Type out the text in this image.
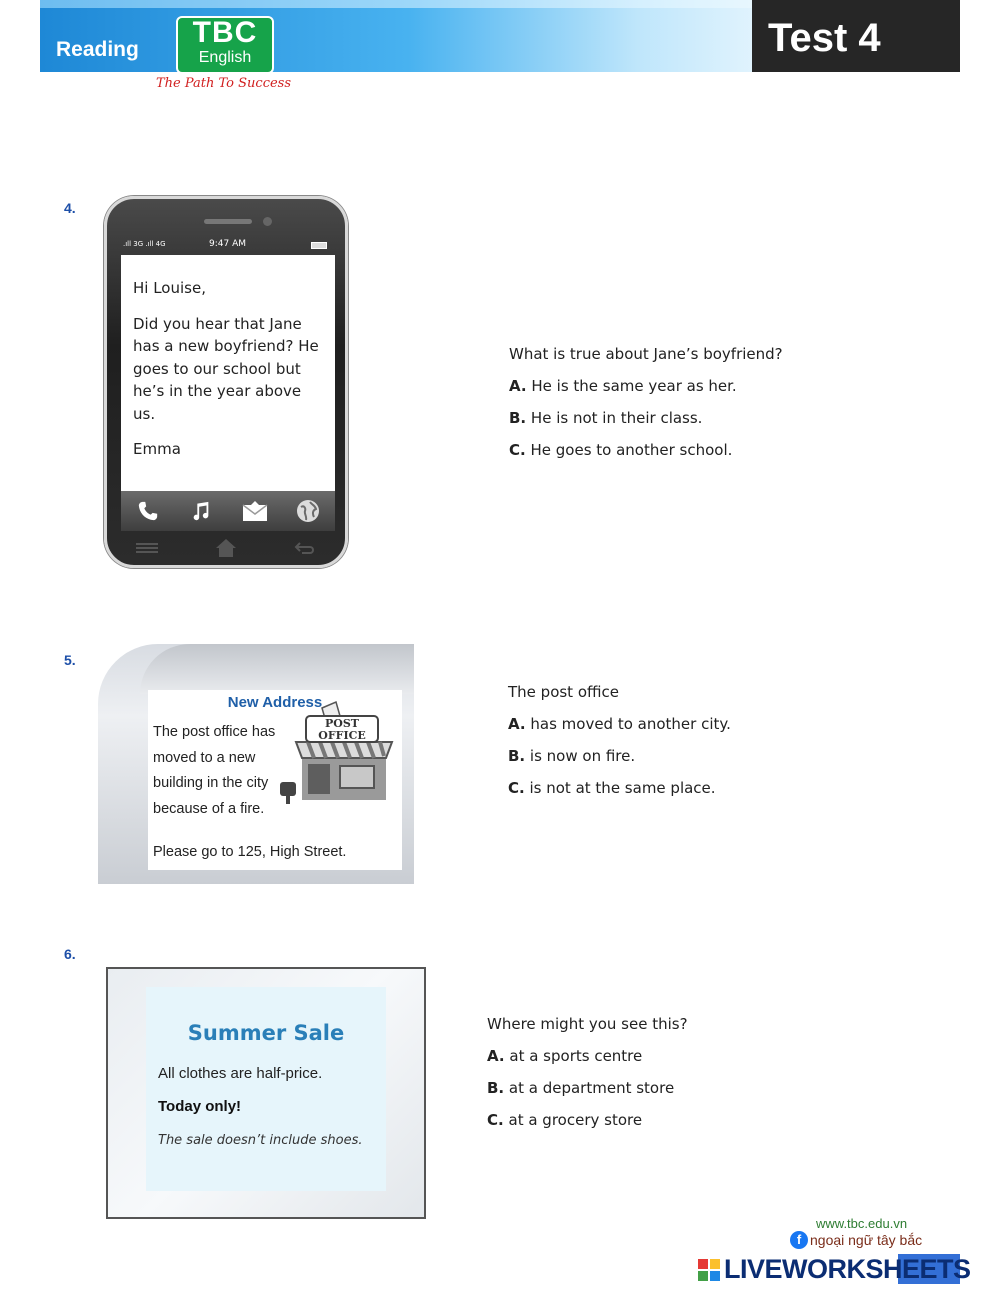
Reading
TBC
English
The Path To Success
Test 4
4.
.ıll 3G .ıll 4G	9:47 AM

Hi Louise,

Did you hear that Jane has a new boyfriend? He goes to our school but he’s in the year above us.

Emma

What is true about Jane’s boyfriend?
A. He is the same year as her.
B. He is not in their class.
C. He goes to another school.
5.
New Address
The post office has moved to a new building in the city because of a fire.
Please go to 125, High Street.
POST
OFFICE
The post office
A. has moved to another city.
B. is now on fire.
C. is not at the same place.
6.
Summer Sale
All clothes are half-price.
Today only!
The sale doesn’t include shoes.
Where might you see this?
A. at a sports centre
B. at a department store
C. at a grocery store
www.tbc.edu.vn
f ngoại ngữ tây bắc
LIVEWORKSHEETS
